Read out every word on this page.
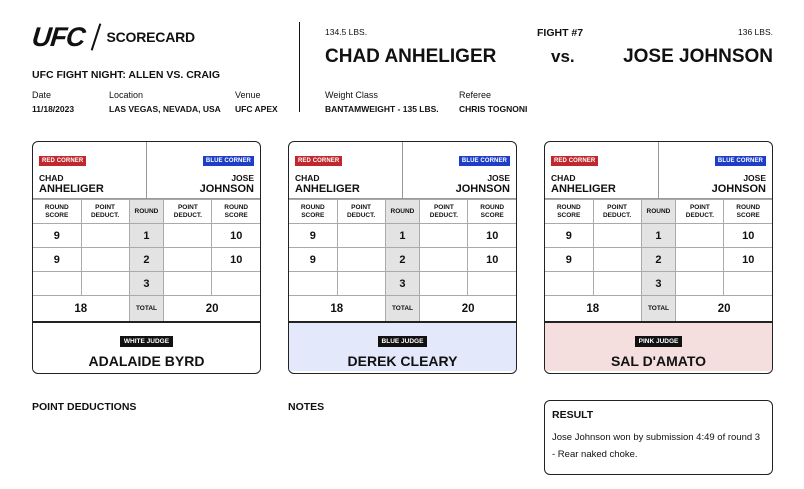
UFC SCORECARD
UFC FIGHT NIGHT: ALLEN VS. CRAIG
Date
11/18/2023
Location
LAS VEGAS, NEVADA, USA
Venue
UFC APEX
134.5 LBS.
CHAD ANHELIGER
FIGHT #7
vs.
136 LBS.
JOSE JOHNSON
Weight Class
BANTAMWEIGHT - 135 LBS.
Referee
CHRIS TOGNONI
RED CORNER
CHAD
ANHELIGER
BLUE CORNER
JOSE
JOHNSON
ROUND SCORE	POINT DEDUCT.	ROUND	POINT DEDUCT.	ROUND SCORE
9		1		10
9		2		10
		3		
18		TOTAL	20	
WHITE JUDGE
ADALAIDE BYRD
RED CORNER
CHAD
ANHELIGER
BLUE CORNER
JOSE
JOHNSON
ROUND SCORE	POINT DEDUCT.	ROUND	POINT DEDUCT.	ROUND SCORE
9		1		10
9		2		10
		3		
18		TOTAL	20	
BLUE JUDGE
DEREK CLEARY
RED CORNER
CHAD
ANHELIGER
BLUE CORNER
JOSE
JOHNSON
ROUND SCORE	POINT DEDUCT.	ROUND	POINT DEDUCT.	ROUND SCORE
9		1		10
9		2		10
		3		
18		TOTAL	20	
PINK JUDGE
SAL D'AMATO
POINT DEDUCTIONS	NOTES
RESULT
Jose Johnson won by submission 4:49 of round 3 - Rear naked choke.
